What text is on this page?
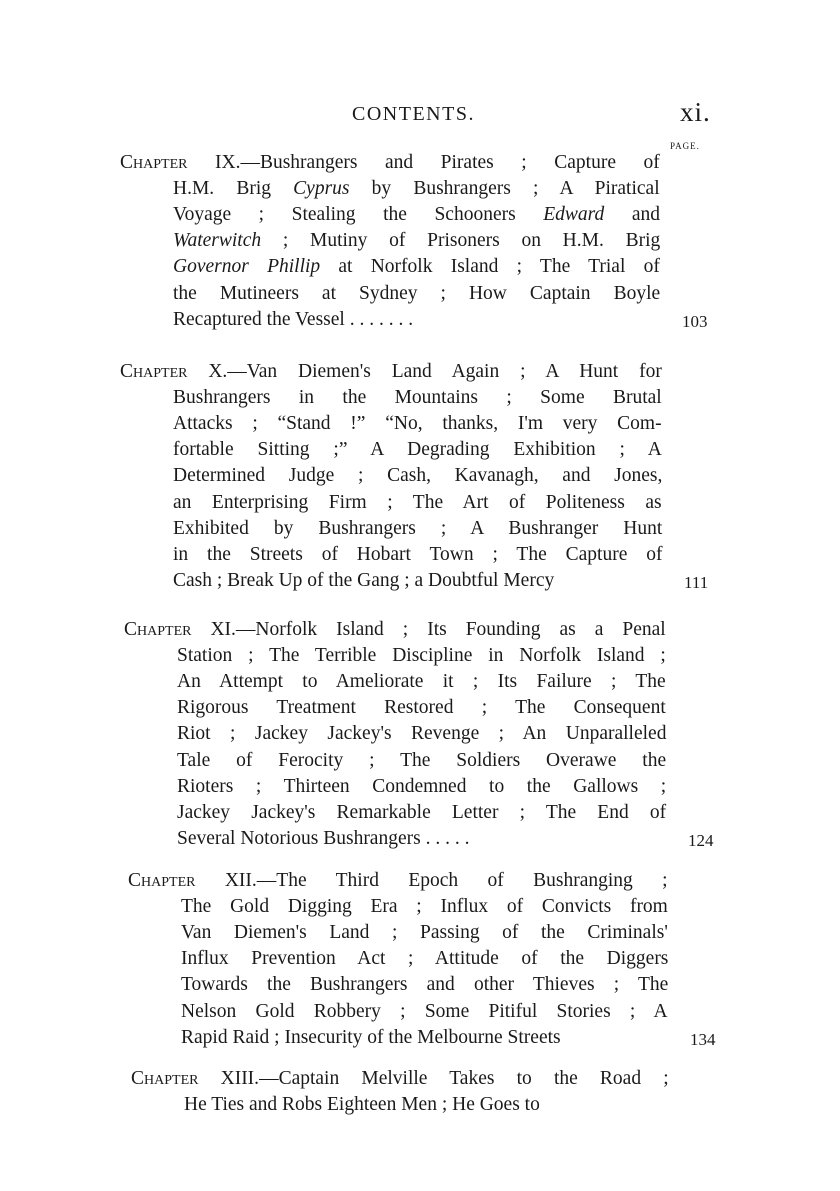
CONTENTS.	xi.
PAGE.
Chapter IX.—Bushrangers and Pirates ; Capture of
H.M. Brig Cyprus by Bushrangers ; A Piratical
Voyage ; Stealing the Schooners Edward and
Waterwitch ; Mutiny of Prisoners on H.M. Brig
Governor Phillip at Norfolk Island ; The Trial of
the Mutineers at Sydney ; How Captain Boyle
Recaptured the Vessel . . . . . . .	103
Chapter X.—Van Diemen's Land Again ; A Hunt for
Bushrangers in the Mountains ; Some Brutal
Attacks ; “Stand !” “No, thanks, I'm very Com-
fortable Sitting ;” A Degrading Exhibition ; A
Determined Judge ; Cash, Kavanagh, and Jones,
an Enterprising Firm ; The Art of Politeness as
Exhibited by Bushrangers ; A Bushranger Hunt
in the Streets of Hobart Town ; The Capture of
Cash ; Break Up of the Gang ; a Doubtful Mercy	111
Chapter XI.—Norfolk Island ; Its Founding as a Penal
Station ; The Terrible Discipline in Norfolk Island ;
An Attempt to Ameliorate it ; Its Failure ; The
Rigorous Treatment Restored ; The Consequent
Riot ; Jackey Jackey's Revenge ; An Unparalleled
Tale of Ferocity ; The Soldiers Overawe the
Rioters ; Thirteen Condemned to the Gallows ;
Jackey Jackey's Remarkable Letter ; The End of
Several Notorious Bushrangers . . . . .	124
Chapter XII.—The Third Epoch of Bushranging ;
The Gold Digging Era ; Influx of Convicts from
Van Diemen's Land ; Passing of the Criminals'
Influx Prevention Act ; Attitude of the Diggers
Towards the Bushrangers and other Thieves ; The
Nelson Gold Robbery ; Some Pitiful Stories ; A
Rapid Raid ; Insecurity of the Melbourne Streets	134
Chapter XIII.—Captain Melville Takes to the Road ;
He Ties and Robs Eighteen Men ; He Goes to
